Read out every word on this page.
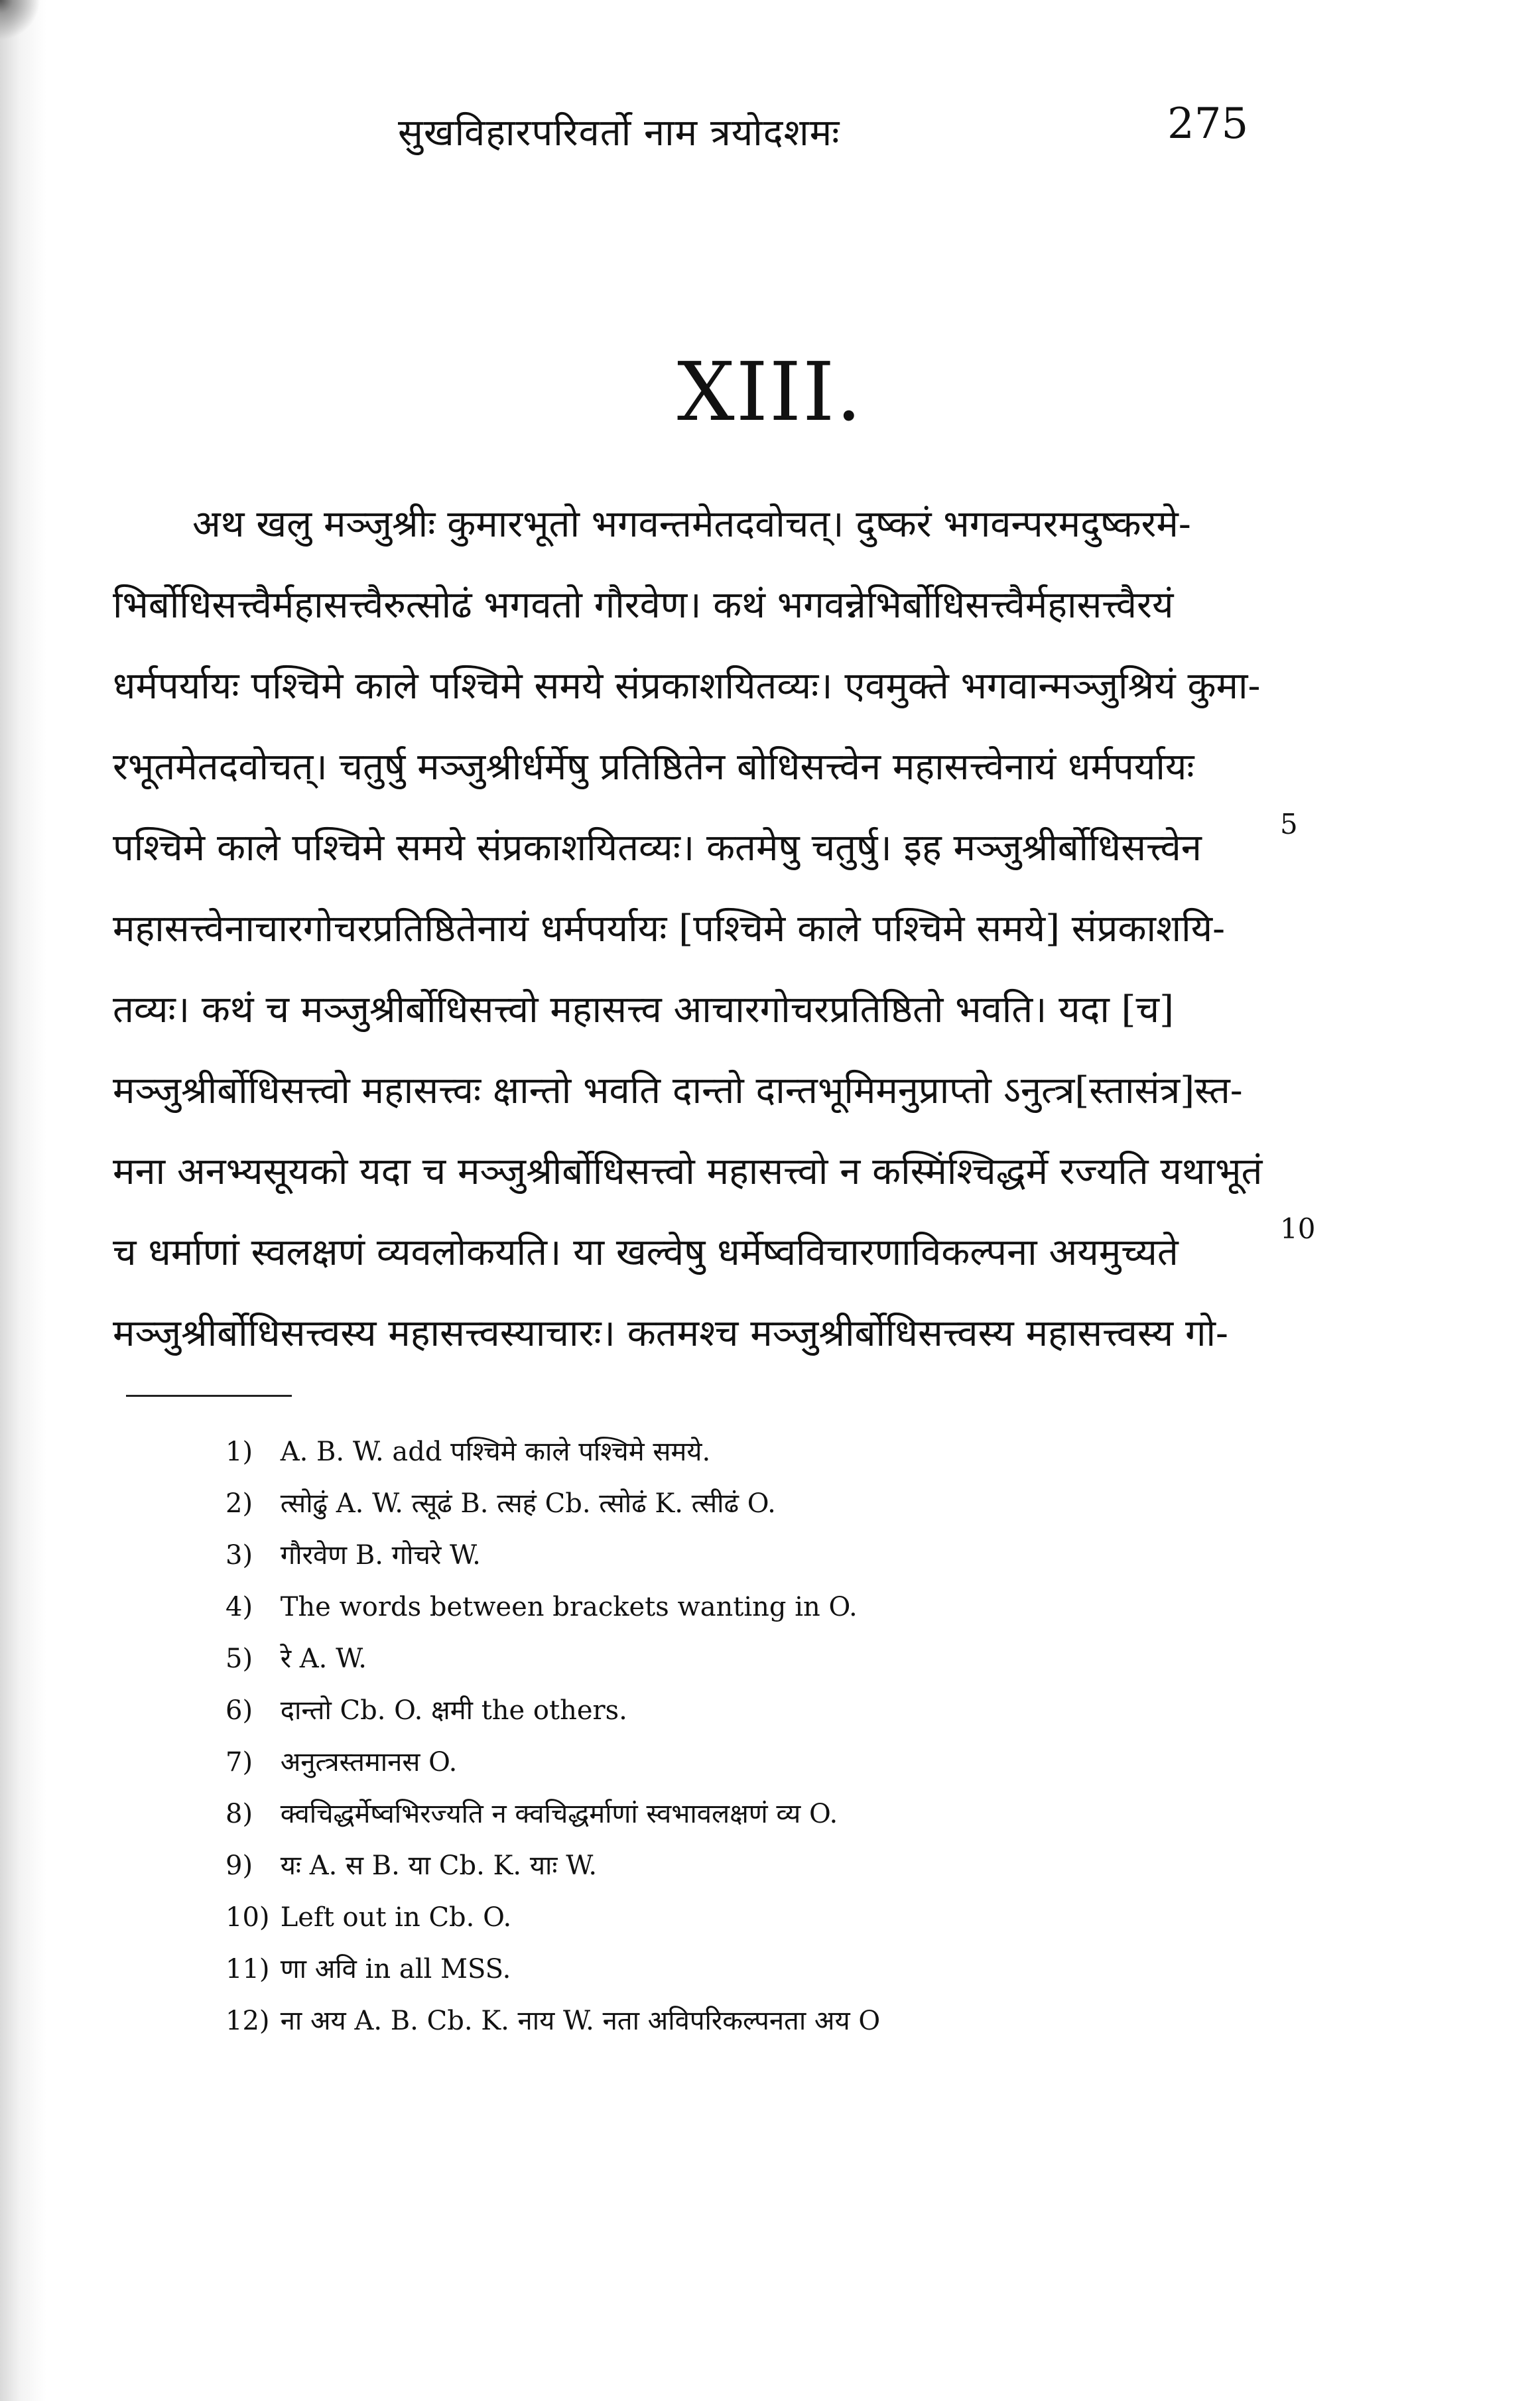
सुखविहारपरिवर्तो नाम त्रयोदशमः	275
XIII.
अथ खलु मञ्जुश्रीः कुमारभूतो भगवन्तमेतदवोचत्। दुष्करं भगवन्परमदुष्करमे-
भिर्बोधिसत्त्वैर्महासत्त्वैरुत्सोढं भगवतो गौरवेण। कथं भगवन्नेभिर्बोधिसत्त्वैर्महासत्त्वैरयं
धर्मपर्यायः पश्चिमे काले पश्चिमे समये संप्रकाशयितव्यः। एवमुक्ते भगवान्मञ्जुश्रियं कुमा-
रभूतमेतदवोचत्। चतुर्षु मञ्जुश्रीर्धर्मेषु प्रतिष्ठितेन बोधिसत्त्वेन महासत्त्वेनायं धर्मपर्यायः
पश्चिमे काले पश्चिमे समये संप्रकाशयितव्यः। कतमेषु चतुर्षु। इह मञ्जुश्रीर्बोधिसत्त्वेन
महासत्त्वेनाचारगोचरप्रतिष्ठितेनायं धर्मपर्यायः [पश्चिमे काले पश्चिमे समये] संप्रकाशयि-
तव्यः। कथं च मञ्जुश्रीर्बोधिसत्त्वो महासत्त्व आचारगोचरप्रतिष्ठितो भवति। यदा [च]
मञ्जुश्रीर्बोधिसत्त्वो महासत्त्वः क्षान्तो भवति दान्तो दान्तभूमिमनुप्राप्तो ऽनुत्त्र[स्तासंत्र]स्त-
मना अनभ्यसूयको यदा च मञ्जुश्रीर्बोधिसत्त्वो महासत्त्वो न कस्मिंश्चिद्धर्मे रज्यति यथाभूतं
च धर्माणां स्वलक्षणं व्यवलोकयति। या खल्वेषु धर्मेष्वविचारणाविकल्पना अयमुच्यते
मञ्जुश्रीर्बोधिसत्त्वस्य महासत्त्वस्याचारः। कतमश्च मञ्जुश्रीर्बोधिसत्त्वस्य महासत्त्वस्य गो-
5
10
1) A. B. W. add पश्चिमे काले पश्चिमे समये.
2) त्सोढुं A. W. त्सूढं B. त्सहं Cb. त्सोढं K. त्सीढं O.
3) गौरवेण B. गोचरे W.
4) The words between brackets wanting in O.
5) रे A. W.
6) दान्तो Cb. O. क्षमी the others.
7) अनुत्त्रस्तमानस O.
8) क्वचिद्धर्मेष्वभिरज्यति न क्वचिद्धर्माणां स्वभावलक्षणं व्य O.
9) यः A. स B. या Cb. K. याः W.
10) Left out in Cb. O.
11) णा अवि in all MSS.
12) ना अय A. B. Cb. K. नाय W. नता अविपरिकल्पनता अय O
